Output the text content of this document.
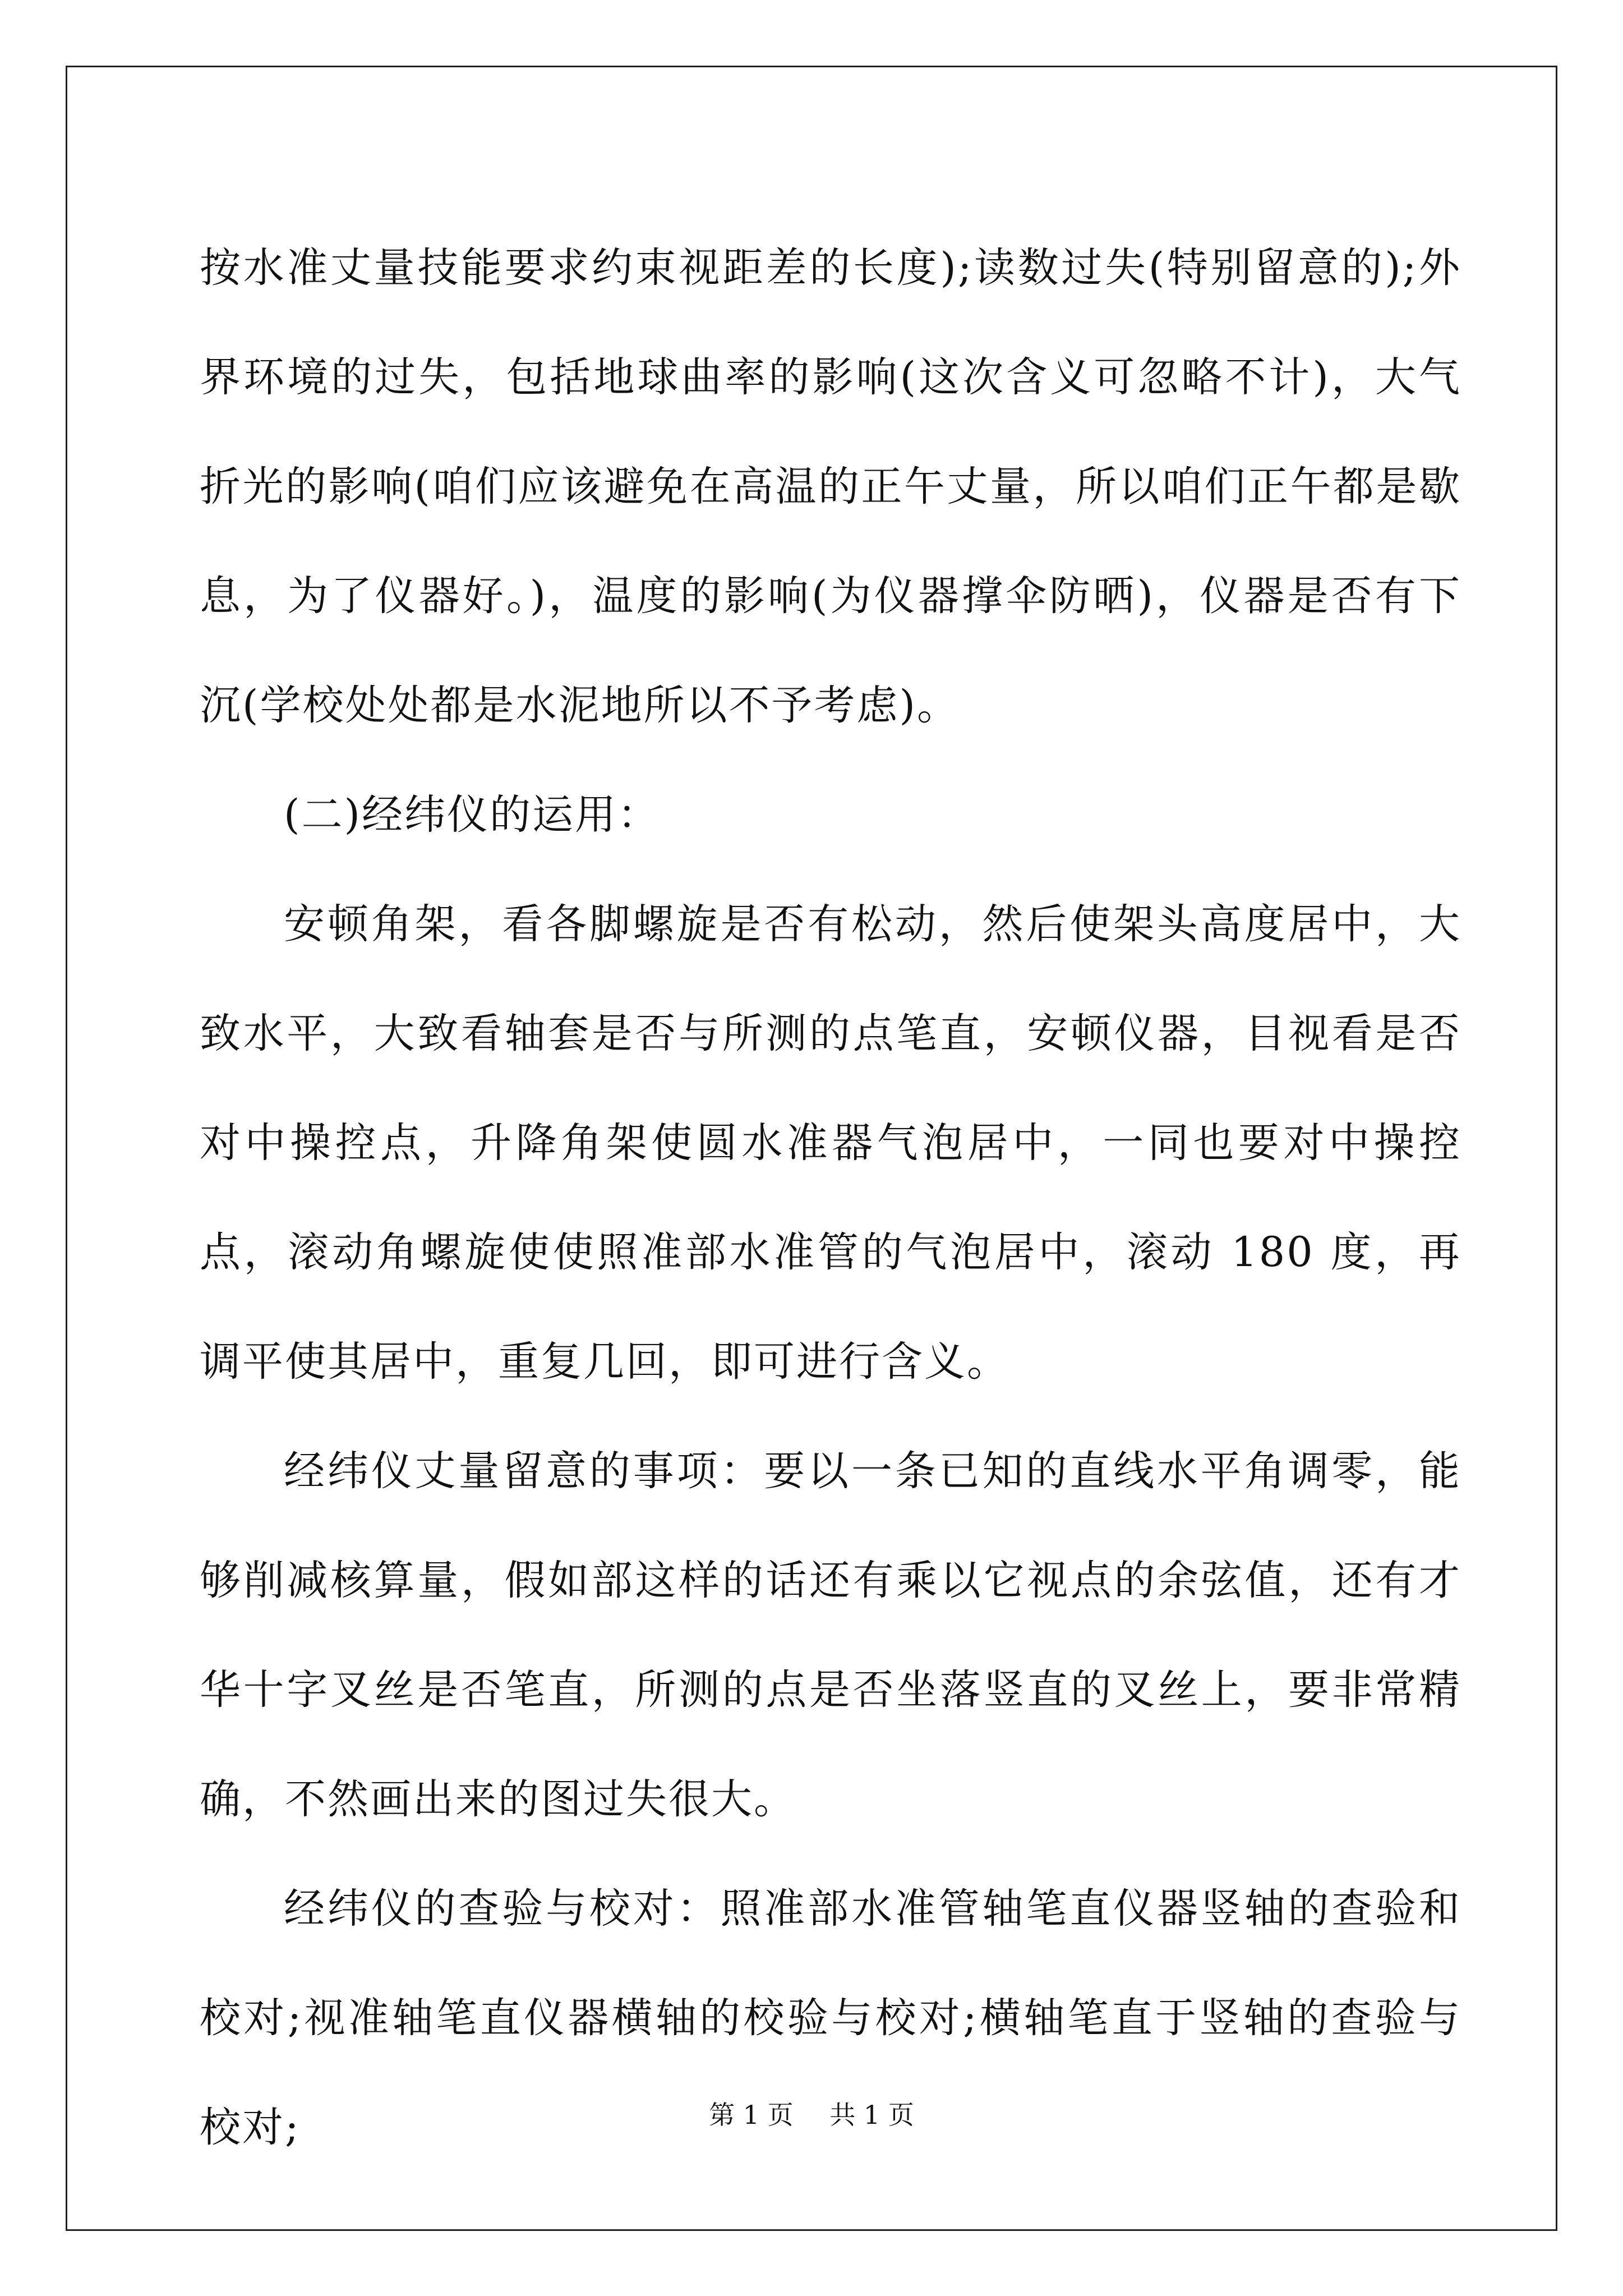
按水准丈量技能要求约束视距差的长度);读数过失(特别留意的);外界环境的过失，包括地球曲率的影响(这次含义可忽略不计)，大气折光的影响(咱们应该避免在高温的正午丈量，所以咱们正午都是歇息，为了仪器好。)，温度的影响(为仪器撑伞防晒)，仪器是否有下沉(学校处处都是水泥地所以不予考虑)。

(二)经纬仪的运用：

安顿角架，看各脚螺旋是否有松动，然后使架头高度居中，大致水平，大致看轴套是否与所测的点笔直，安顿仪器，目视看是否对中操控点，升降角架使圆水准器气泡居中，一同也要对中操控点，滚动角螺旋使使照准部水准管的气泡居中，滚动 180 度，再调平使其居中，重复几回，即可进行含义。

经纬仪丈量留意的事项：要以一条已知的直线水平角调零，能够削减核算量，假如部这样的话还有乘以它视点的余弦值，还有才华十字叉丝是否笔直，所测的点是否坐落竖直的叉丝上，要非常精确，不然画出来的图过失很大。

经纬仪的查验与校对：照准部水准管轴笔直仪器竖轴的查验和校对;视准轴笔直仪器横轴的校验与校对;横轴笔直于竖轴的查验与校对;	第 1 页 共 1 页
